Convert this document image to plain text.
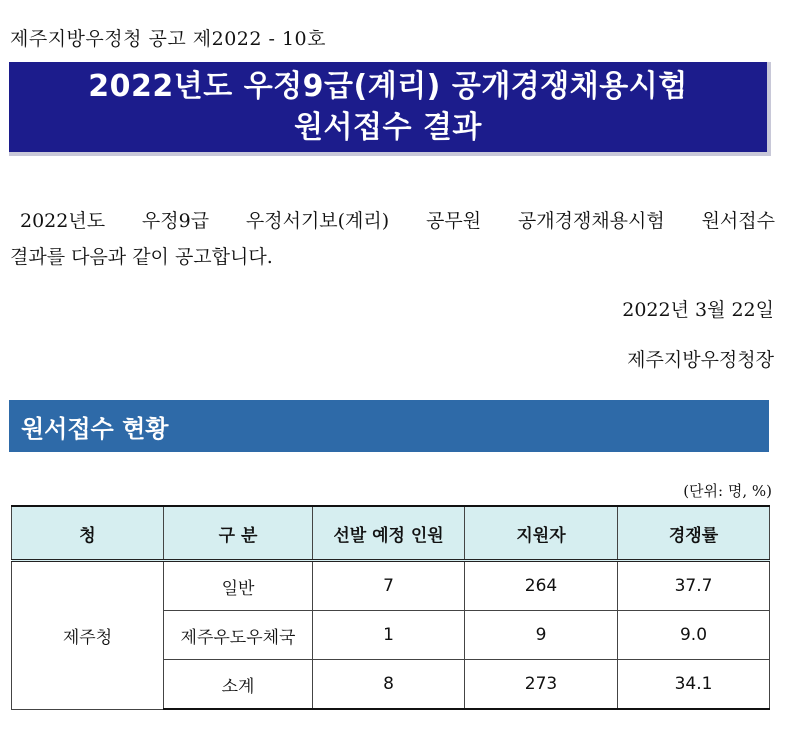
제주지방우정청 공고 제2022 - 10호
2022년도 우정9급(계리) 공개경쟁채용시험
원서접수 결과
2022년도 우정9급 우정서기보(계리) 공무원 공개경쟁채용시험 원서접수
결과를 다음과 같이 공고합니다.
2022년 3월 22일
제주지방우정청장
원서접수 현황
(단위: 명, %)
청	구 분	선발 예정 인원	지원자	경쟁률
제주청	일반	7	264	37.7
	제주우도우체국	1	9	9.0
	소계	8	273	34.1
